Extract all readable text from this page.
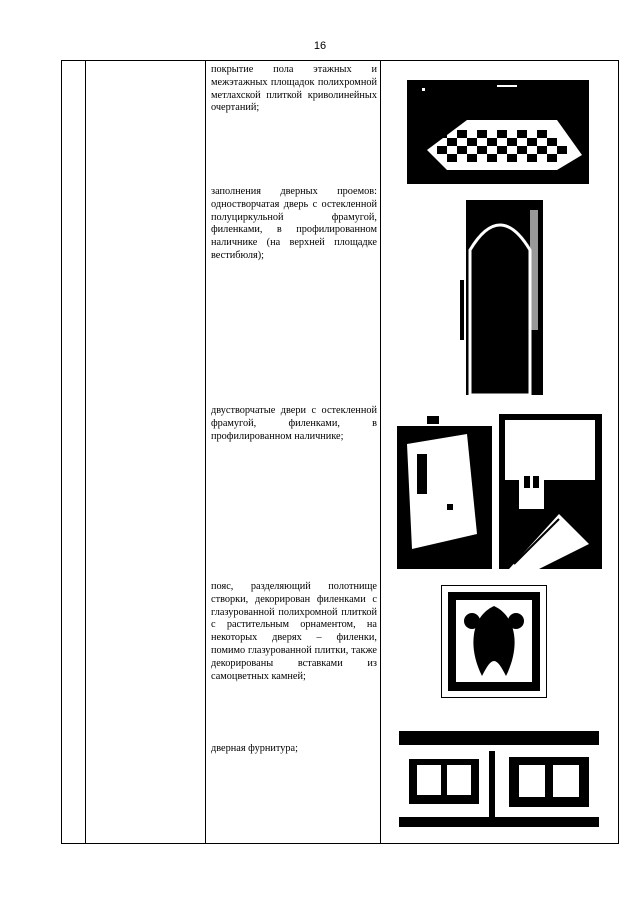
16
покрытие пола этажных и межэтажных площадок полихромной метлахской плиткой криволинейных очертаний;
заполнения дверных проемов: одностворчатая дверь с остекленной полуциркульной фрамугой, филенками, в профилированном наличнике (на верхней площадке вестибюля);
двустворчатые двери с остекленной фрамугой, филенками, в профилированном наличнике;
пояс, разделяющий полотнище створки, декорирован филенками с глазурованной полихромной плиткой с растительным орнаментом, на некоторых дверях – филенки, помимо глазурованной плитки, также декорированы вставками из самоцветных камней;
дверная фурнитура;
